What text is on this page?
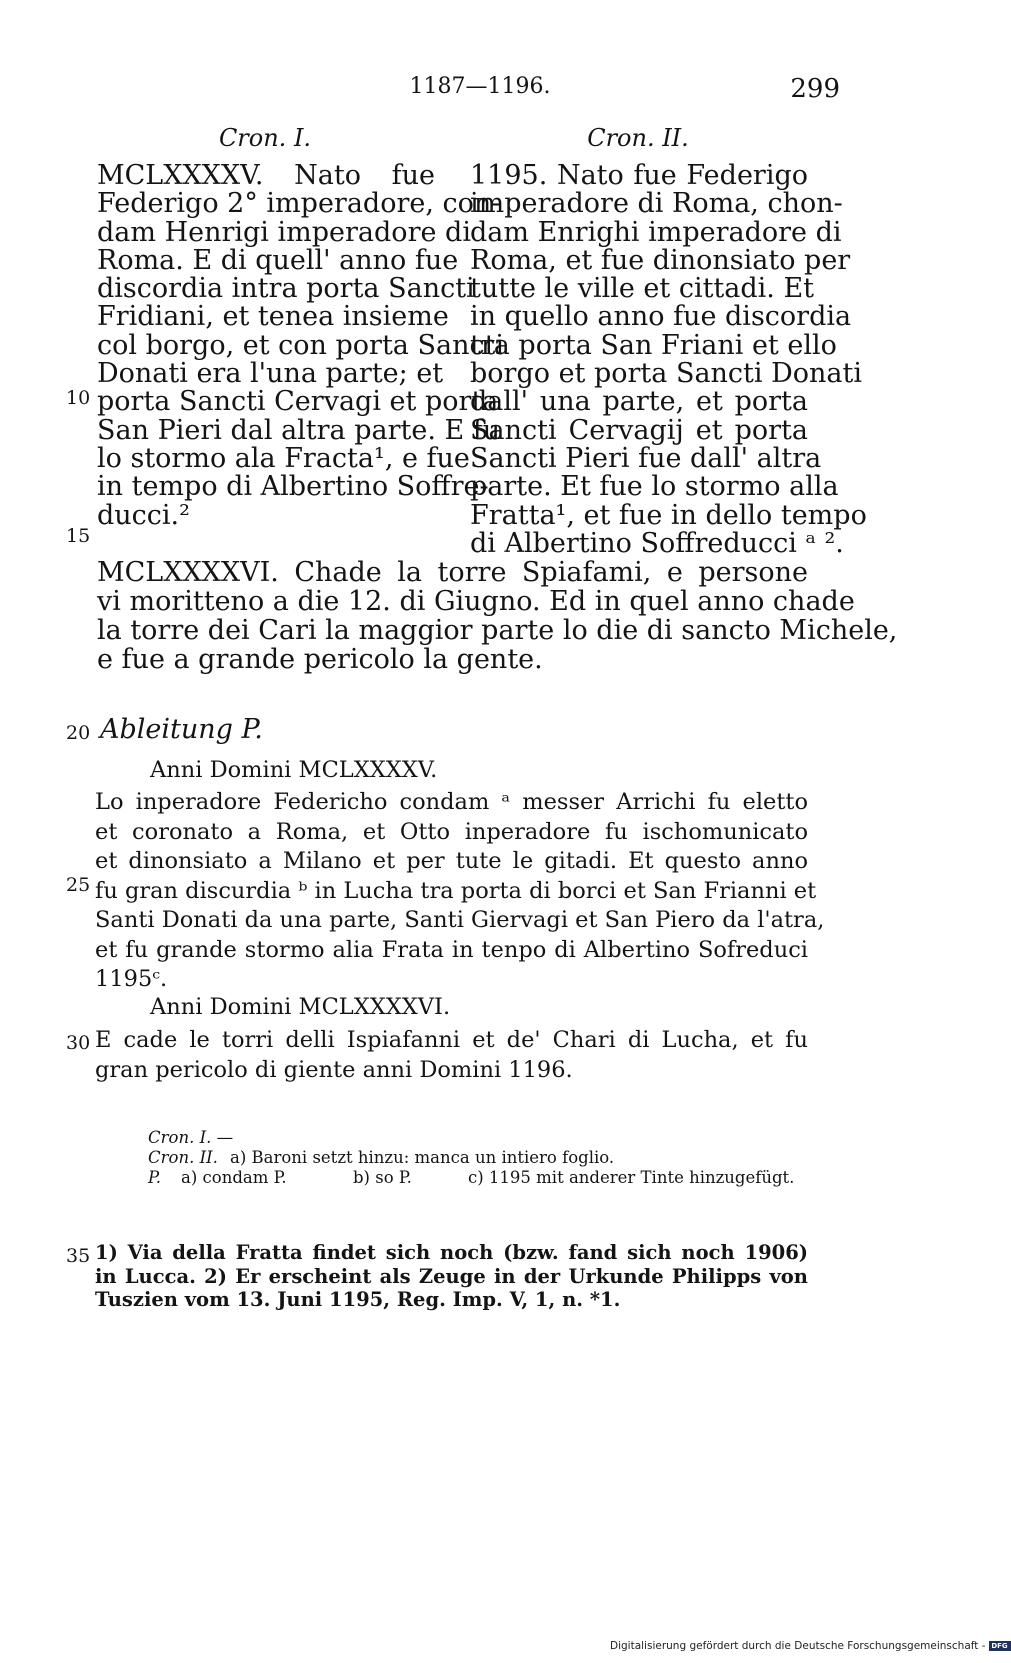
1187—1196.	299
Cron. I.
MCLXXXXV. Nato fue
Federigo 2° imperadore, con-
dam Henrigi imperadore di
Roma. E di quell' anno fue
discordia intra porta Sancti
Fridiani, et tenea insieme
col borgo, et con porta Sancti
Donati era l'una parte; et
porta Sancti Cervagi et porta
San Pieri dal altra parte. E fu
lo stormo ala Fracta¹, e fue
in tempo di Albertino Soffre-
ducci.²
Cron. II.
1195. Nato fue Federigo
imperadore di Roma, chon-
dam Enrighi imperadore di
Roma, et fue dinonsiato per
tutte le ville et cittadi. Et
in quello anno fue discordia
tra porta San Friani et ello
borgo et porta Sancti Donati
dall' una parte, et porta
Sancti Cervagij et porta
Sancti Pieri fue dall' altra
parte. Et fue lo stormo alla
Fratta¹, et fue in dello tempo
di Albertino Soffreducci ᵃ ².
10
15
20
25
30
35
MCLXXXXVI. Chade la torre Spiafami, e persone
vi moritteno a die 12. di Giugno. Ed in quel anno chade
la torre dei Cari la maggior parte lo die di sancto Michele,
e fue a grande pericolo la gente.
Ableitung P.
Anni Domini MCLXXXXV.
Lo inperadore Federicho condam ᵃ messer Arrichi fu eletto
et coronato a Roma, et Otto inperadore fu ischomunicato
et dinonsiato a Milano et per tute le gitadi. Et questo anno
fu gran discurdia ᵇ in Lucha tra porta di borci et San Frianni et
Santi Donati da una parte, Santi Giervagi et San Piero da l'atra,
et fu grande stormo alia Frata in tenpo di Albertino Sofreduci
1195ᶜ.
Anni Domini MCLXXXXVI.
E cade le torri delli Ispiafanni et de' Chari di Lucha, et fu
gran pericolo di giente anni Domini 1196.
Cron. I. —
Cron. II. a) Baroni setzt hinzu: manca un intiero foglio.
P. a) condam P.	b) so P.	c) 1195 mit anderer Tinte hinzugefügt.
1) Via della Fratta findet sich noch (bzw. fand sich noch 1906)
in Lucca. 2) Er erscheint als Zeuge in der Urkunde Philipps von
Tuszien vom 13. Juni 1195, Reg. Imp. V, 1, n. *1.
Digitalisierung gefördert durch die Deutsche Forschungsgemeinschaft - DFG
